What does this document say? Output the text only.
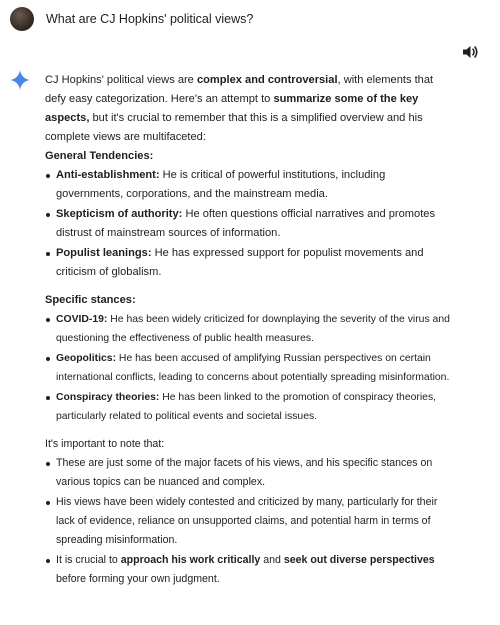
What are CJ Hopkins' political views?

CJ Hopkins' political views are complex and controversial, with elements that defy easy categorization. Here's an attempt to summarize some of the key aspects, but it's crucial to remember that this is a simplified overview and his complete views are multifaceted:

General Tendencies:

Anti-establishment: He is critical of powerful institutions, including governments, corporations, and the mainstream media.
Skepticism of authority: He often questions official narratives and promotes distrust of mainstream sources of information.
Populist leanings: He has expressed support for populist movements and criticism of globalism.

Specific stances:

COVID-19: He has been widely criticized for downplaying the severity of the virus and questioning the effectiveness of public health measures.
Geopolitics: He has been accused of amplifying Russian perspectives on certain international conflicts, leading to concerns about potentially spreading misinformation.
Conspiracy theories: He has been linked to the promotion of conspiracy theories, particularly related to political events and societal issues.

It's important to note that:

These are just some of the major facets of his views, and his specific stances on various topics can be nuanced and complex.
His views have been widely contested and criticized by many, particularly for their lack of evidence, reliance on unsupported claims, and potential harm in terms of spreading misinformation.
It is crucial to approach his work critically and seek out diverse perspectives before forming your own judgment.
